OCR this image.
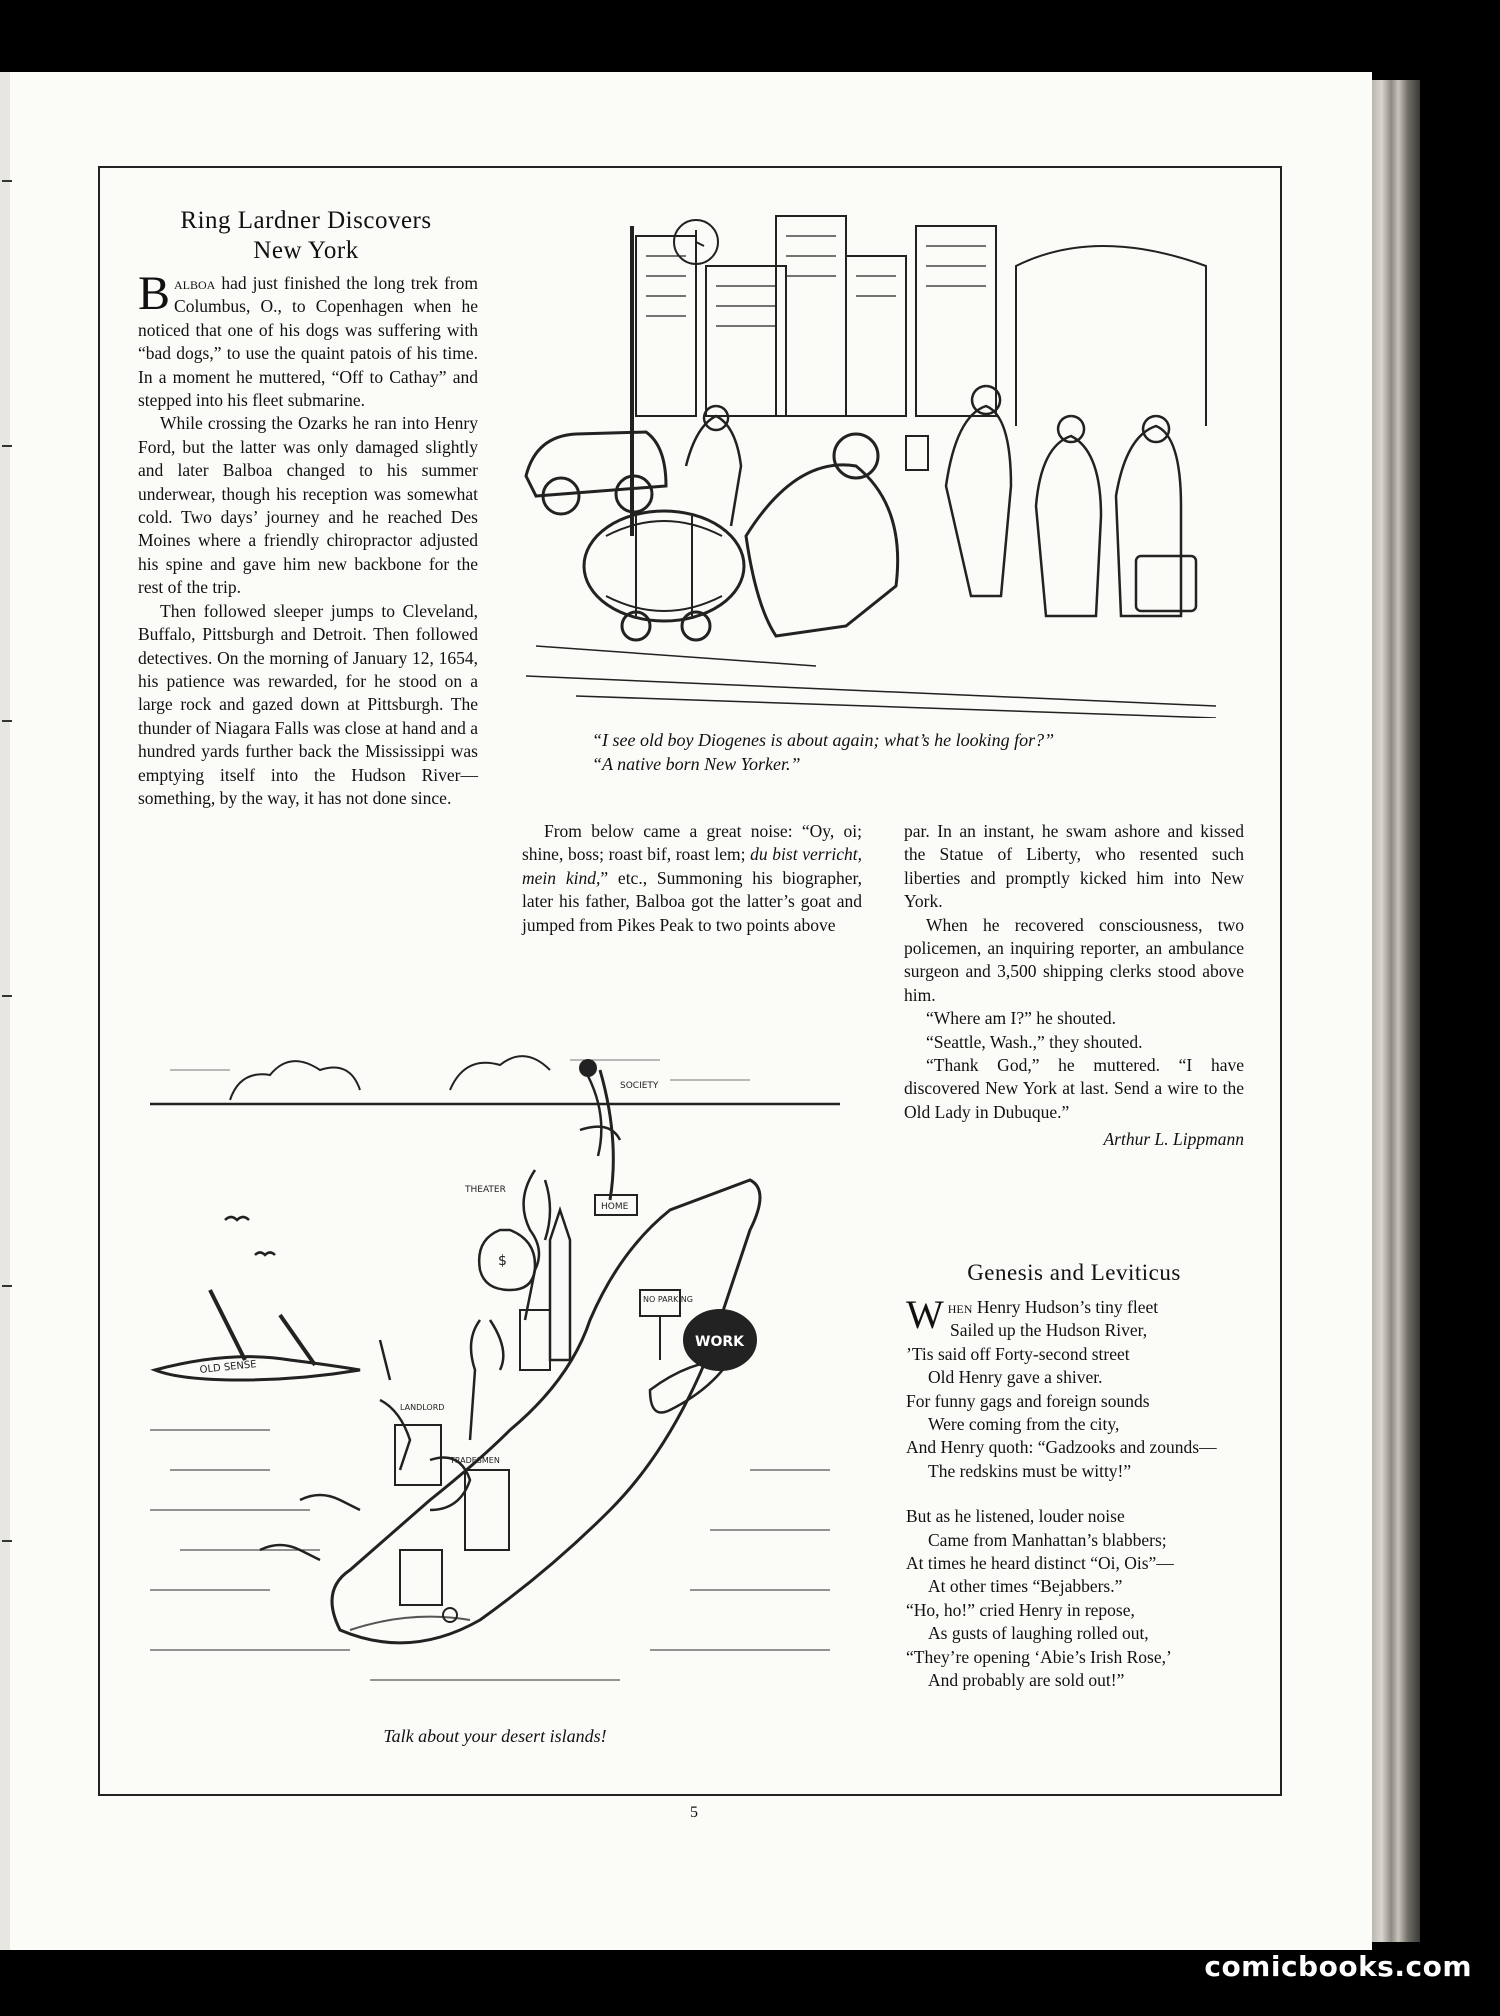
Ring Lardner Discovers
New York

Balboa had just finished the long trek from Columbus, O., to Copenhagen when he noticed that one of his dogs was suffering with “bad dogs,” to use the quaint patois of his time. In a moment he muttered, “Off to Cathay” and stepped into his fleet submarine.

While crossing the Ozarks he ran into Henry Ford, but the latter was only damaged slightly and later Balboa changed to his summer underwear, though his reception was somewhat cold. Two days’ journey and he reached Des Moines where a friendly chiropractor adjusted his spine and gave him new backbone for the rest of the trip.

Then followed sleeper jumps to Cleveland, Buffalo, Pittsburgh and Detroit. Then followed detectives. On the morning of January 12, 1654, his patience was rewarded, for he stood on a large rock and gazed down at Pittsburgh. The thunder of Niagara Falls was close at hand and a hundred yards further back the Mississippi was emptying itself into the Hudson River—something, by the way, it has not done since.

From below came a great noise: “Oy, oi; shine, boss; roast bif, roast lem; du bist verricht, mein kind,” etc., Summoning his biographer, later his father, Balboa got the latter’s goat and jumped from Pikes Peak to two points above

par. In an instant, he swam ashore and kissed the Statue of Liberty, who resented such liberties and promptly kicked him into New York.

When he recovered consciousness, two policemen, an inquiring reporter, an ambulance surgeon and 3,500 shipping clerks stood above him.

“Where am I?” he shouted.

“Seattle, Wash.,” they shouted.

“Thank God,” he muttered. “I have discovered New York at last. Send a wire to the Old Lady in Dubuque.”

Arthur L. Lippmann
“I see old boy Diogenes is about again; what’s he looking for?”
“A native born New Yorker.”
OLD SENSE
SOCIETY
THEATER
HOME
$
NO PARKING
WORK
LANDLORD
TRADESMEN
Talk about your desert islands!
Genesis and Leviticus
When Henry Hudson’s tiny fleet
Sailed up the Hudson River,
’Tis said off Forty-second street
Old Henry gave a shiver.
For funny gags and foreign sounds
Were coming from the city,
And Henry quoth: “Gadzooks and zounds—
The redskins must be witty!”
But as he listened, louder noise
Came from Manhattan’s blabbers;
At times he heard distinct “Oi, Ois”—
At other times “Bejabbers.”
“Ho, ho!” cried Henry in repose,
As gusts of laughing rolled out,
“They’re opening ‘Abie’s Irish Rose,’
And probably are sold out!”
5
comicbooks.com
